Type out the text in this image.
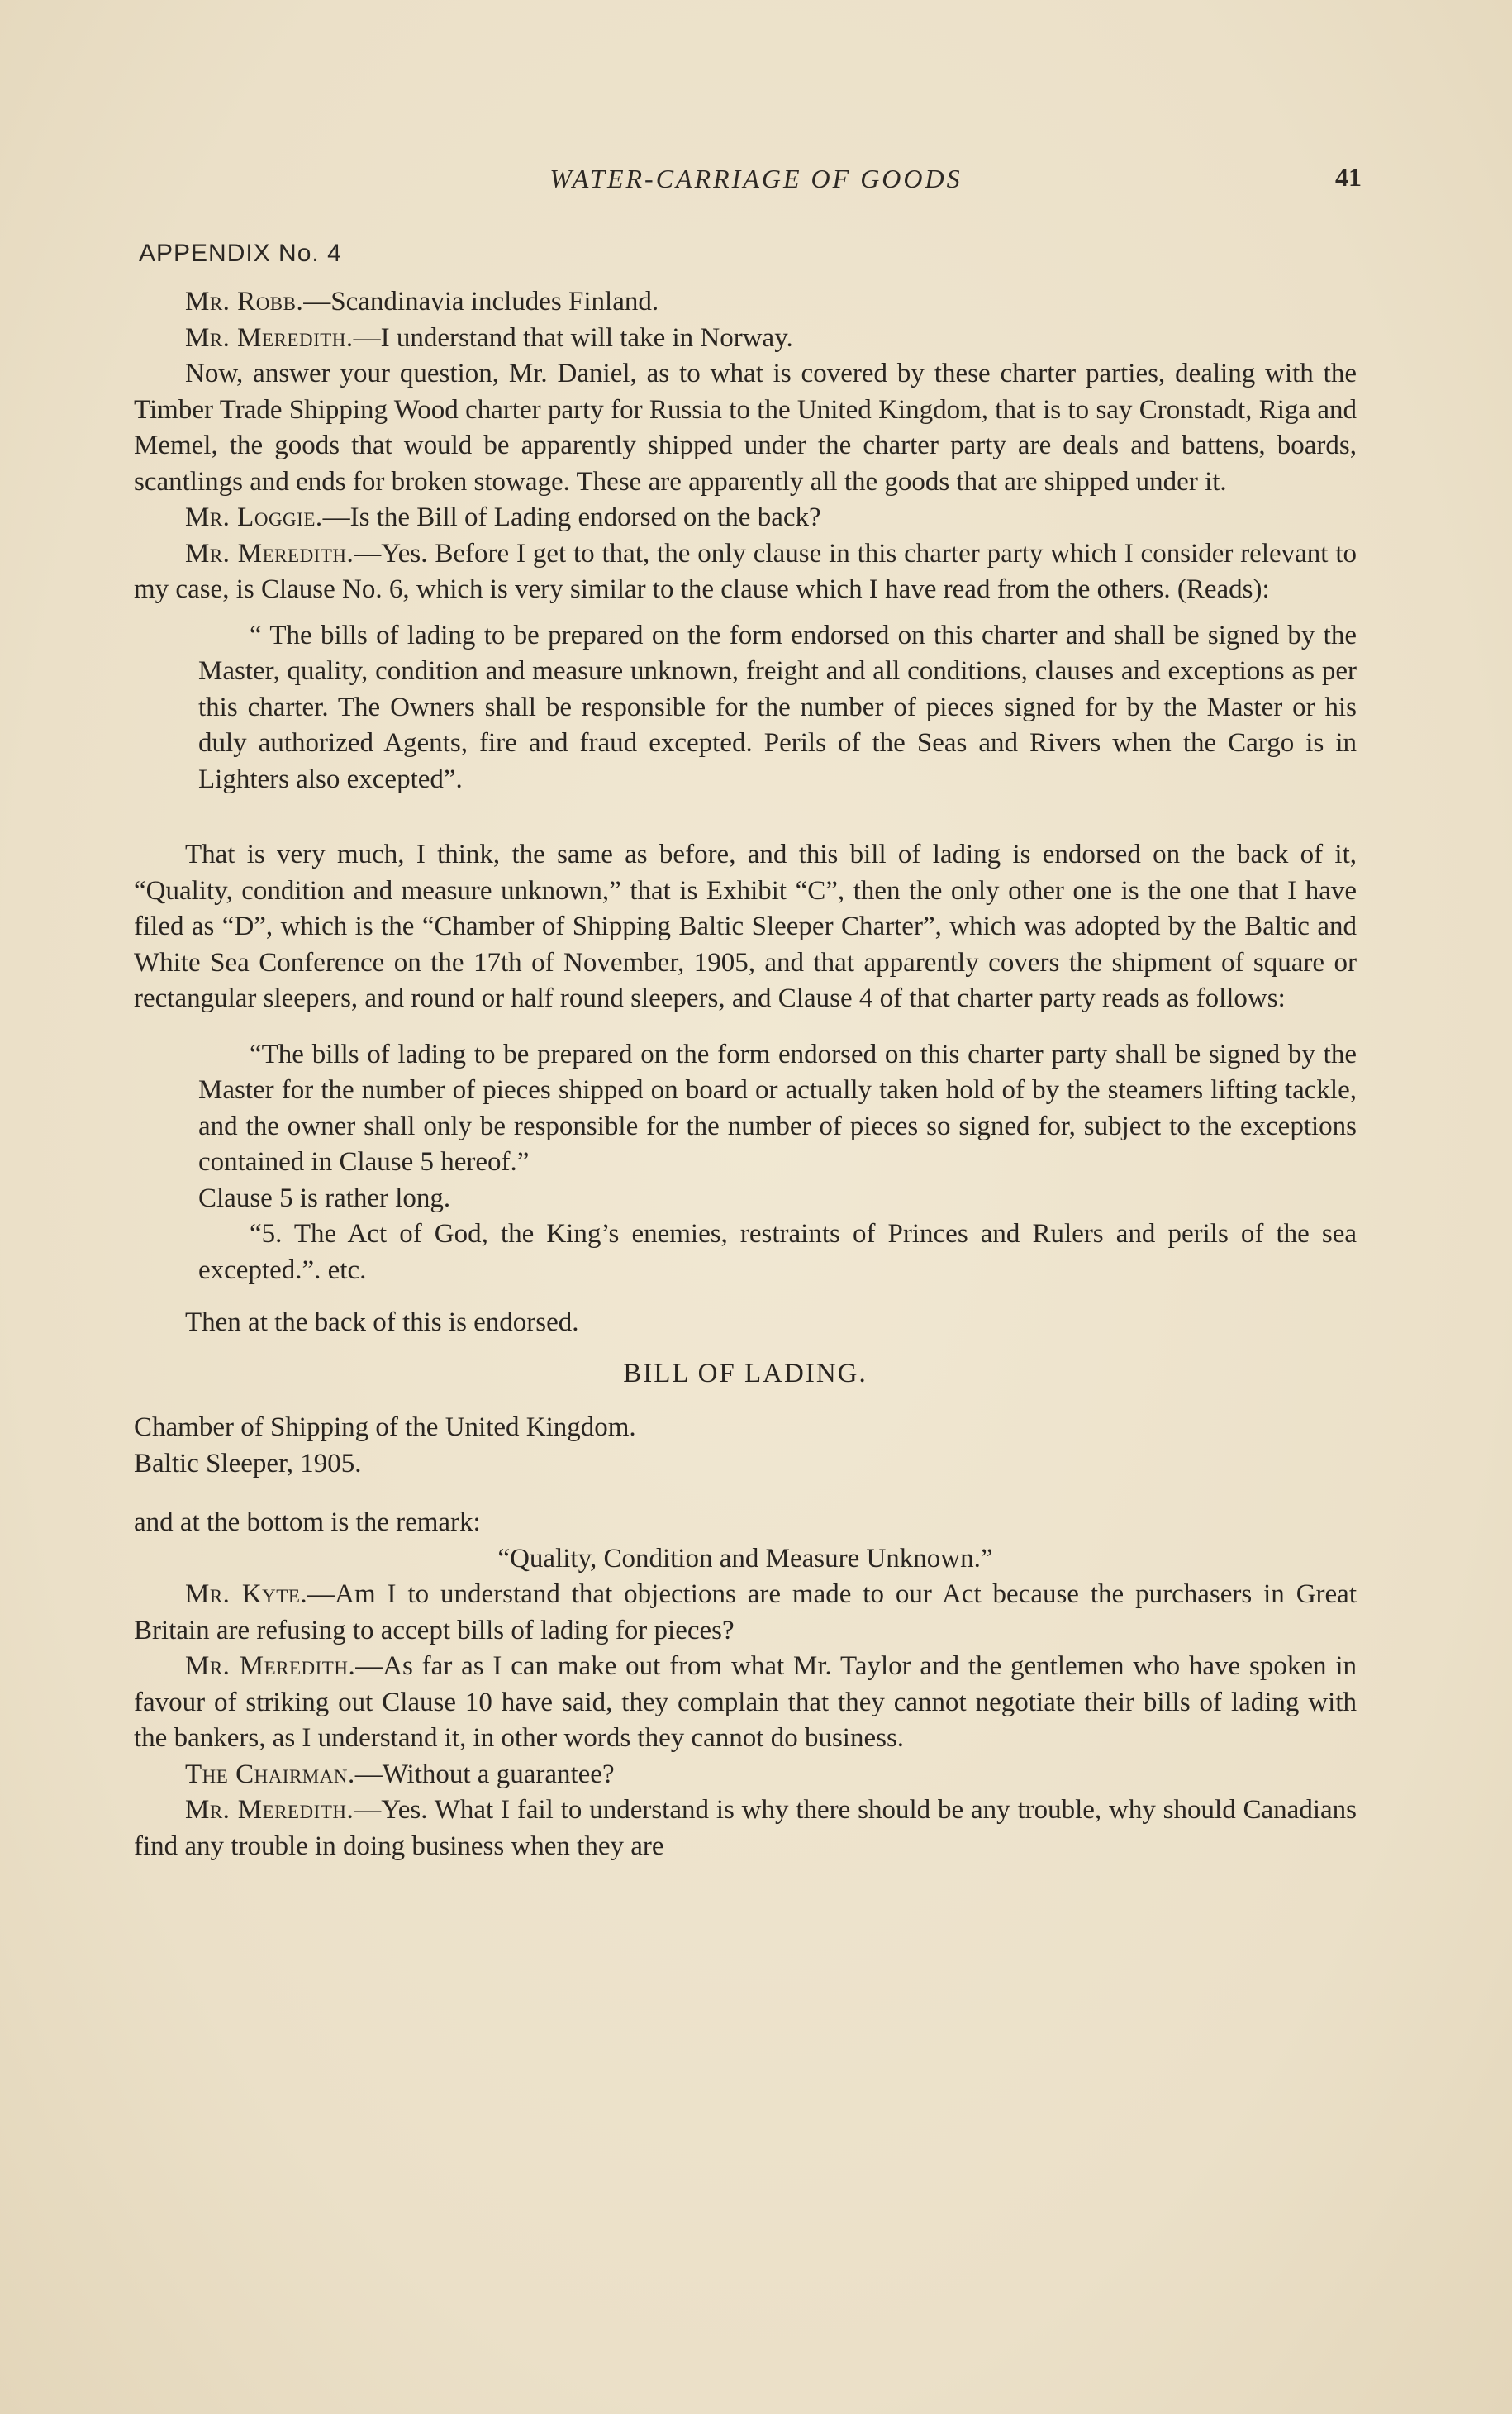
WATER-CARRIAGE OF GOODS	41
APPENDIX No. 4

Mr. Robb.—Scandinavia includes Finland.

Mr. Meredith.—I understand that will take in Norway.

Now, answer your question, Mr. Daniel, as to what is covered by these charter parties, dealing with the Timber Trade Shipping Wood charter party for Russia to the United Kingdom, that is to say Cronstadt, Riga and Memel, the goods that would be apparently shipped under the charter party are deals and battens, boards, scantlings and ends for broken stowage. These are apparently all the goods that are shipped under it.

Mr. Loggie.—Is the Bill of Lading endorsed on the back?

Mr. Meredith.—Yes. Before I get to that, the only clause in this charter party which I consider relevant to my case, is Clause No. 6, which is very similar to the clause which I have read from the others. (Reads):

“ The bills of lading to be prepared on the form endorsed on this charter and shall be signed by the Master, quality, condition and measure unknown, freight and all conditions, clauses and exceptions as per this charter. The Owners shall be responsible for the number of pieces signed for by the Master or his duly authorized Agents, fire and fraud excepted. Perils of the Seas and Rivers when the Cargo is in Lighters also excepted”.

That is very much, I think, the same as before, and this bill of lading is endorsed on the back of it, “Quality, condition and measure unknown,” that is Exhibit “C”, then the only other one is the one that I have filed as “D”, which is the “Chamber of Shipping Baltic Sleeper Charter”, which was adopted by the Baltic and White Sea Conference on the 17th of November, 1905, and that apparently covers the shipment of square or rectangular sleepers, and round or half round sleepers, and Clause 4 of that charter party reads as follows:

“The bills of lading to be prepared on the form endorsed on this charter party shall be signed by the Master for the number of pieces shipped on board or actually taken hold of by the steamers lifting tackle, and the owner shall only be responsible for the number of pieces so signed for, subject to the exceptions contained in Clause 5 hereof.”

Clause 5 is rather long.

“5. The Act of God, the King’s enemies, restraints of Princes and Rulers and perils of the sea excepted.”. etc.

Then at the back of this is endorsed.

BILL OF LADING.

Chamber of Shipping of the United Kingdom.

Baltic Sleeper, 1905.

and at the bottom is the remark:

“Quality, Condition and Measure Unknown.”

Mr. Kyte.—Am I to understand that objections are made to our Act because the purchasers in Great Britain are refusing to accept bills of lading for pieces?

Mr. Meredith.—As far as I can make out from what Mr. Taylor and the gentlemen who have spoken in favour of striking out Clause 10 have said, they complain that they cannot negotiate their bills of lading with the bankers, as I understand it, in other words they cannot do business.

The Chairman.—Without a guarantee?

Mr. Meredith.—Yes. What I fail to understand is why there should be any trouble, why should Canadians find any trouble in doing business when they are
